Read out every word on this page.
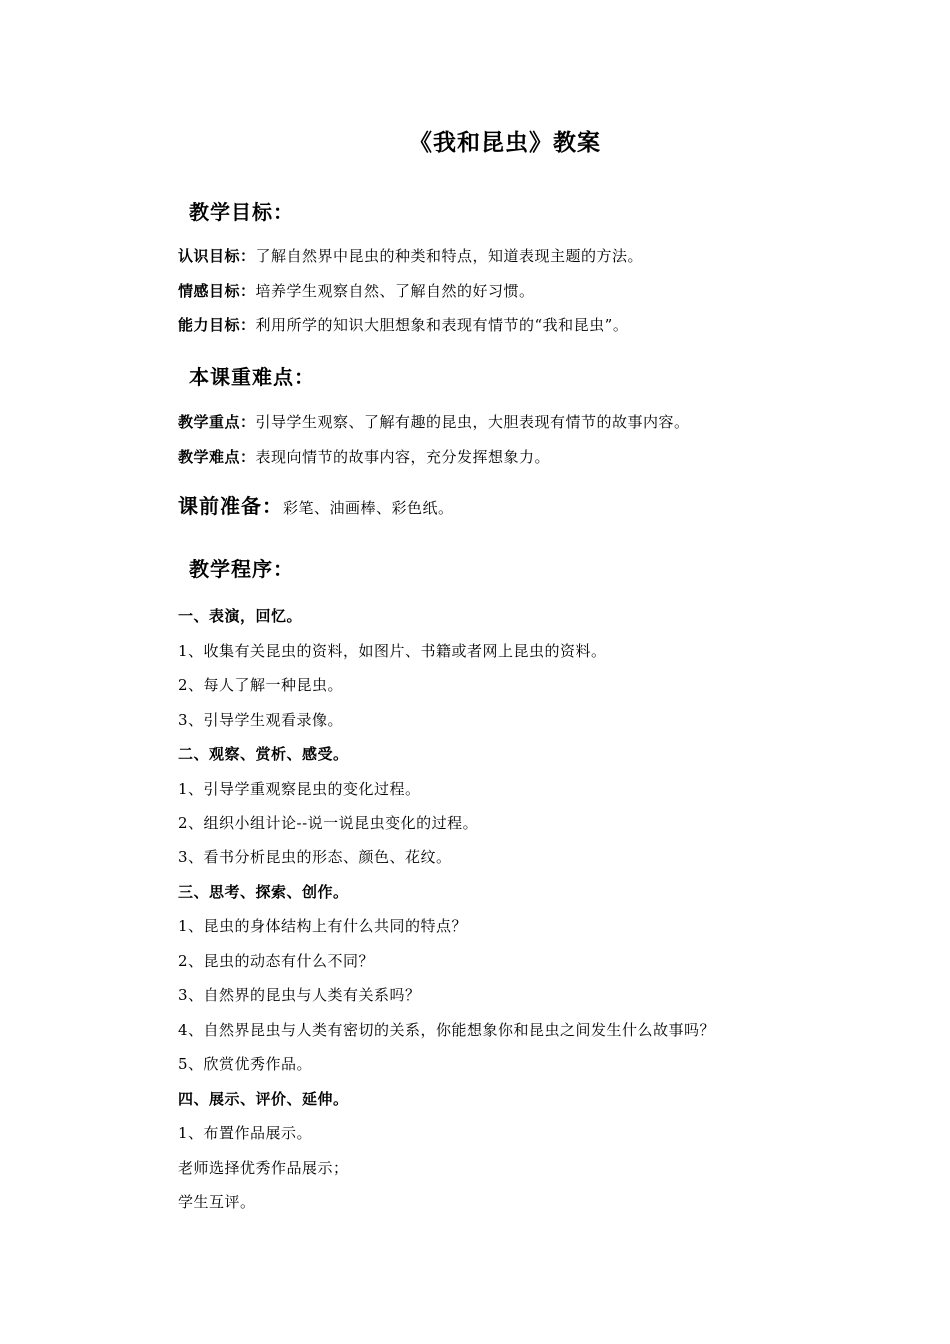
《我和昆虫》教案
教学目标：
认识目标：了解自然界中昆虫的种类和特点，知道表现主题的方法。
情感目标：培养学生观察自然、了解自然的好习惯。
能力目标：利用所学的知识大胆想象和表现有情节的“我和昆虫”。
本课重难点：
教学重点：引导学生观察、了解有趣的昆虫，大胆表现有情节的故事内容。
教学难点：表现向情节的故事内容，充分发挥想象力。
课前准备：彩笔、油画棒、彩色纸。
教学程序：
一、表演，回忆。
1、收集有关昆虫的资料，如图片、书籍或者网上昆虫的资料。
2、每人了解一种昆虫。
3、引导学生观看录像。
二、观察、赏析、感受。
1、引导学重观察昆虫的变化过程。
2、组织小组计论--说一说昆虫变化的过程。
3、看书分析昆虫的形态、颜色、花纹。
三、思考、探索、创作。
1、昆虫的身体结构上有什么共同的特点？
2、昆虫的动态有什么不同？
3、自然界的昆虫与人类有关系吗？
4、自然界昆虫与人类有密切的关系，你能想象你和昆虫之间发生什么故事吗？
5、欣赏优秀作品。
四、展示、评价、延伸。
1、布置作品展示。
老师选择优秀作品展示；
学生互评。
